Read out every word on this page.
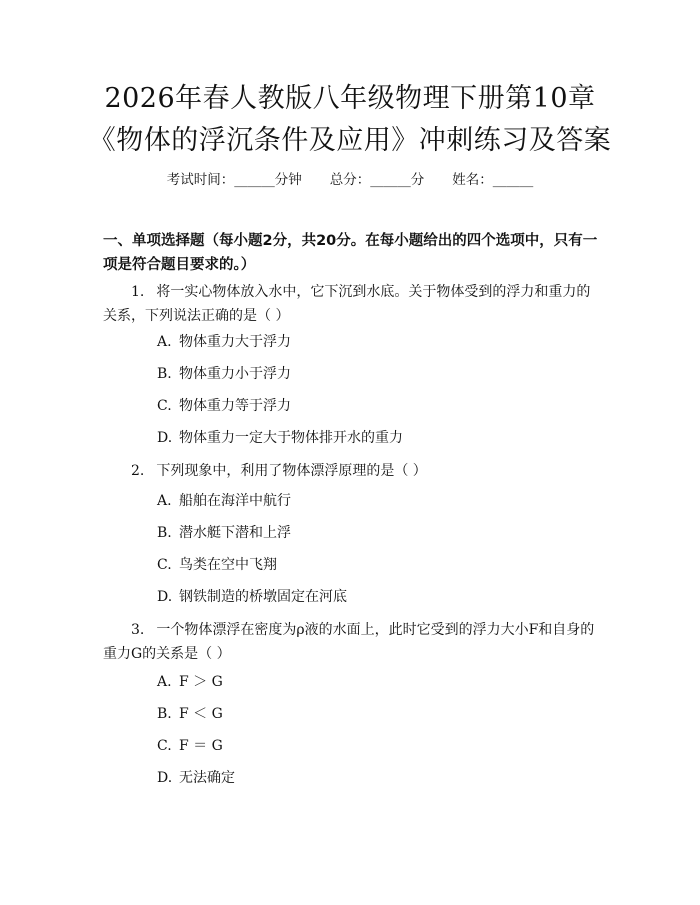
2026年春人教版八年级物理下册第10章
《物体的浮沉条件及应用》冲刺练习及答案
考试时间：______分钟 总分：______分 姓名：______
一、单项选择题（每小题2分，共20分。在每小题给出的四个选项中，只有一项是符合题目要求的。）
1. 将一实心物体放入水中，它下沉到水底。关于物体受到的浮力和重力的关系，下列说法正确的是（ ）
A. 物体重力大于浮力
B. 物体重力小于浮力
C. 物体重力等于浮力
D. 物体重力一定大于物体排开水的重力
2. 下列现象中，利用了物体漂浮原理的是（ ）
A. 船舶在海洋中航行
B. 潜水艇下潜和上浮
C. 鸟类在空中飞翔
D. 钢铁制造的桥墩固定在河底
3. 一个物体漂浮在密度为ρ液的水面上，此时它受到的浮力大小F和自身的重力G的关系是（ ）
A. F ＞ G
B. F ＜ G
C. F ＝ G
D. 无法确定
